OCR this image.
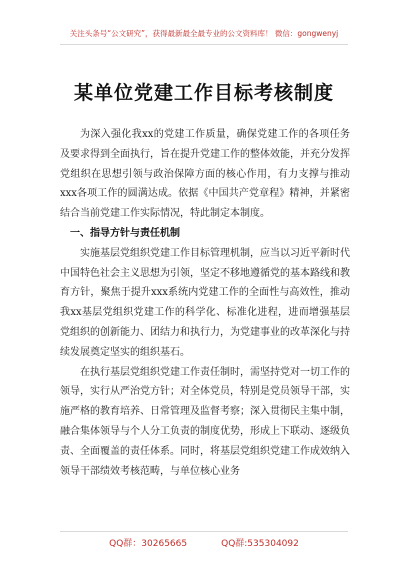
关注头条号“公文研究”，获得最新最全最专业的公文资料库！ 微信：gongwenyj
某单位党建工作目标考核制度

为深入强化我xx的党建工作质量，确保党建工作的各项任务及要求得到全面执行，旨在提升党建工作的整体效能，并充分发挥党组织在思想引领与政治保障方面的核心作用，有力支撑与推动xxx各项工作的圆满达成。依据《中国共产党章程》精神，并紧密结合当前党建工作实际情况，特此制定本制度。

一、指导方针与责任机制

实施基层党组织党建工作目标管理机制，应当以习近平新时代中国特色社会主义思想为引领，坚定不移地遵循党的基本路线和教育方针，聚焦于提升xxx系统内党建工作的全面性与高效性，推动我xx基层党组织党建工作的科学化、标准化进程，进而增强基层党组织的创新能力、团结力和执行力，为党建事业的改革深化与持续发展奠定坚实的组织基石。

在执行基层党组织党建工作责任制时，需坚持党对一切工作的领导，实行从严治党方针；对全体党员，特别是党员领导干部，实施严格的教育培养、日常管理及监督考察；深入贯彻民主集中制，融合集体领导与个人分工负责的制度优势，形成上下联动、逐级负责、全面覆盖的责任体系。同时，将基层党组织党建工作成效纳入领导干部绩效考核范畴，与单位核心业务

QQ群：30265665	QQ群:535304092
